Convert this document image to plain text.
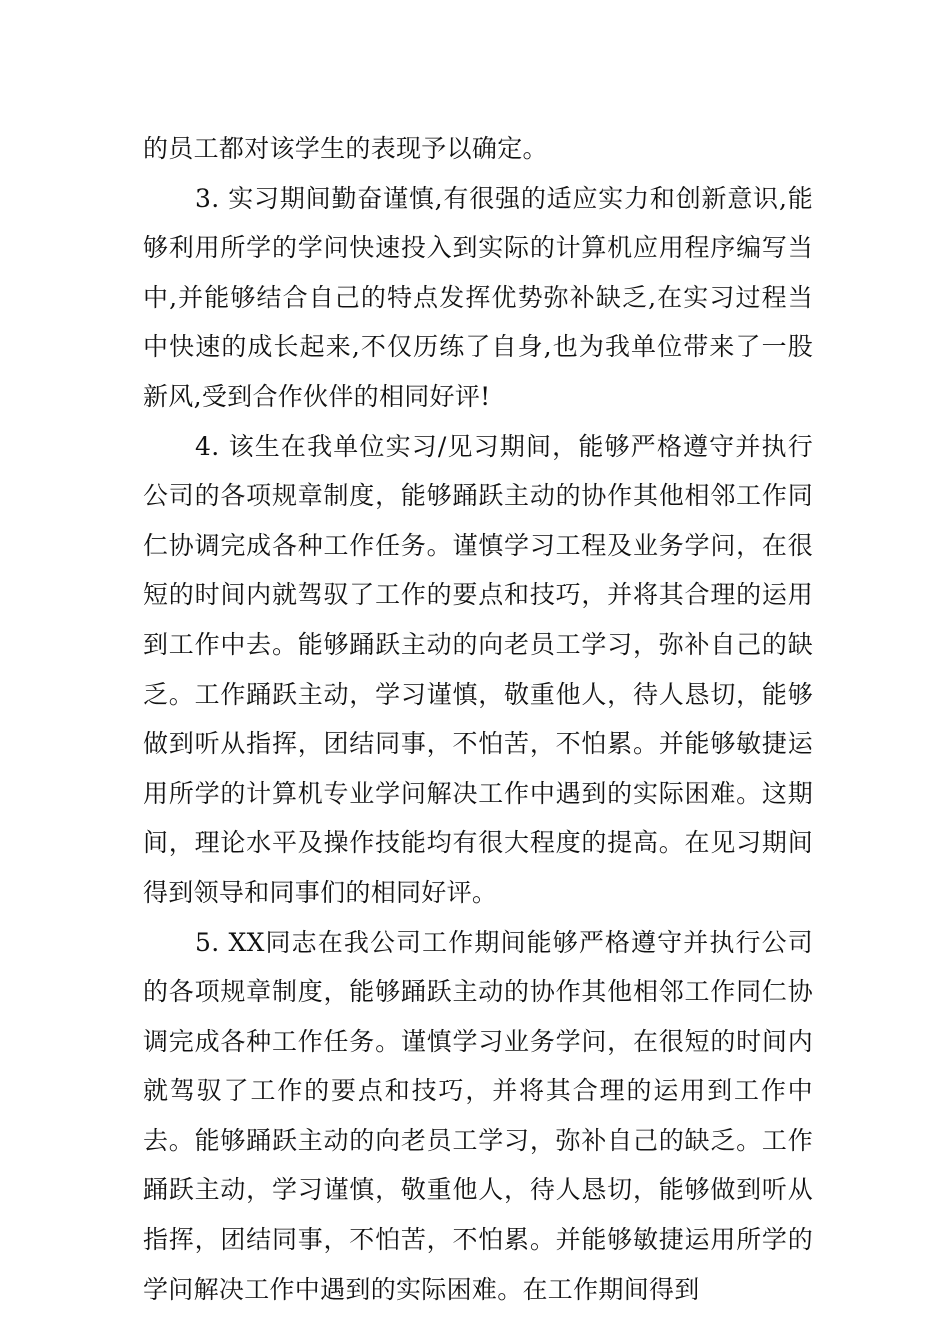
的员工都对该学生的表现予以确定。

3. 实习期间勤奋谨慎,有很强的适应实力和创新意识,能够利用所学的学问快速投入到实际的计算机应用程序编写当中,并能够结合自己的特点发挥优势弥补缺乏,在实习过程当中快速的成长起来,不仅历练了自身,也为我单位带来了一股新风,受到合作伙伴的相同好评!

4. 该生在我单位实习/见习期间，能够严格遵守并执行公司的各项规章制度，能够踊跃主动的协作其他相邻工作同仁协调完成各种工作任务。谨慎学习工程及业务学问，在很短的时间内就驾驭了工作的要点和技巧，并将其合理的运用到工作中去。能够踊跃主动的向老员工学习，弥补自己的缺乏。工作踊跃主动，学习谨慎，敬重他人，待人恳切，能够做到听从指挥，团结同事，不怕苦，不怕累。并能够敏捷运用所学的计算机专业学问解决工作中遇到的实际困难。这期间，理论水平及操作技能均有很大程度的提高。在见习期间得到领导和同事们的相同好评。

5. XX同志在我公司工作期间能够严格遵守并执行公司的各项规章制度，能够踊跃主动的协作其他相邻工作同仁协调完成各种工作任务。谨慎学习业务学问，在很短的时间内就驾驭了工作的要点和技巧，并将其合理的运用到工作中去。能够踊跃主动的向老员工学习，弥补自己的缺乏。工作踊跃主动，学习谨慎，敬重他人，待人恳切，能够做到听从指挥，团结同事，不怕苦，不怕累。并能够敏捷运用所学的学问解决工作中遇到的实际困难。在工作期间得到
